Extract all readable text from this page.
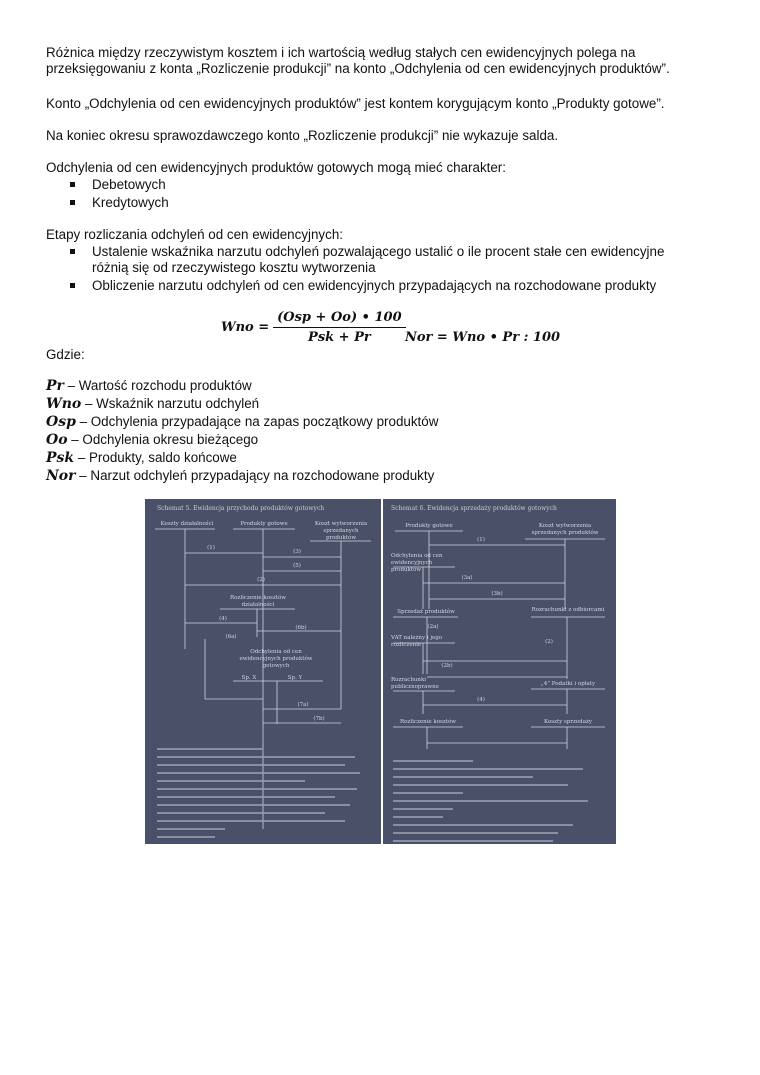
Różnica między rzeczywistym kosztem i ich wartością według stałych cen ewidencyjnych polega na przeksięgowaniu z konta „Rozliczenie produkcji” na konto „Odchylenia od cen ewidencyjnych produktów”.
Konto „Odchylenia od cen ewidencyjnych produktów” jest kontem korygującym konto „Produkty gotowe”.
Na koniec okresu sprawozdawczego konto „Rozliczenie produkcji” nie wykazuje salda.
Odchylenia od cen ewidencyjnych produktów gotowych mogą mieć charakter:
Debetowych
Kredytowych
Etapy rozliczania odchyleń od cen ewidencyjnych:
Ustalenie wskaźnika narzutu odchyleń pozwalającego ustalić o ile procent stałe cen ewidencyjne różnią się od rzeczywistego kosztu wytworzenia
Obliczenie narzutu odchyleń od cen ewidencyjnych przypadających na rozchodowane produkty
Wno = $\frac{\text{(Osp + Oo) • 100}}{\text{Psk + Pr}}$ Nor = Wno • Pr : 100
Gdzie:
Pr – Wartość rozchodu produktów
Wno – Wskaźnik narzutu odchyleń
Osp – Odchylenia przypadające na zapas początkowy produktów
Oo – Odchylenia okresu bieżącego
Psk – Produkty, saldo końcowe
Nor – Narzut odchyleń przypadający na rozchodowane produkty
Schemat 5. Ewidencja przychodu produktów gotowych
Koszty działalności	Produkty gotowe	Koszt wytworzenia sprzedanych produktów
Rozliczenie kosztów działalności
Odchylenia od cen ewidencyjnych produktów gotowych
Sp. X	Sp. Y
(1)
(3)
(5)
(2)
(4)
(6a)
(6b)
(7a)
(7b)
Schemat 6. Ewidencja sprzedaży produktów gotowych
Produkty gotowe	Koszt wytworzenia sprzedanych produktów
Odchylenia od cen ewidencyjnych produktów
Sprzedaż produktów	Rozrachunki z odbiorcami
VAT należny i jego rozliczenie
Rozrachunki publicznoprawne	„4” Podatki i opłaty
Rozliczenie kosztów	Koszty sprzedaży
(1)
(3a)
(3b)
(2a)
(2)
(2b)
(4)
